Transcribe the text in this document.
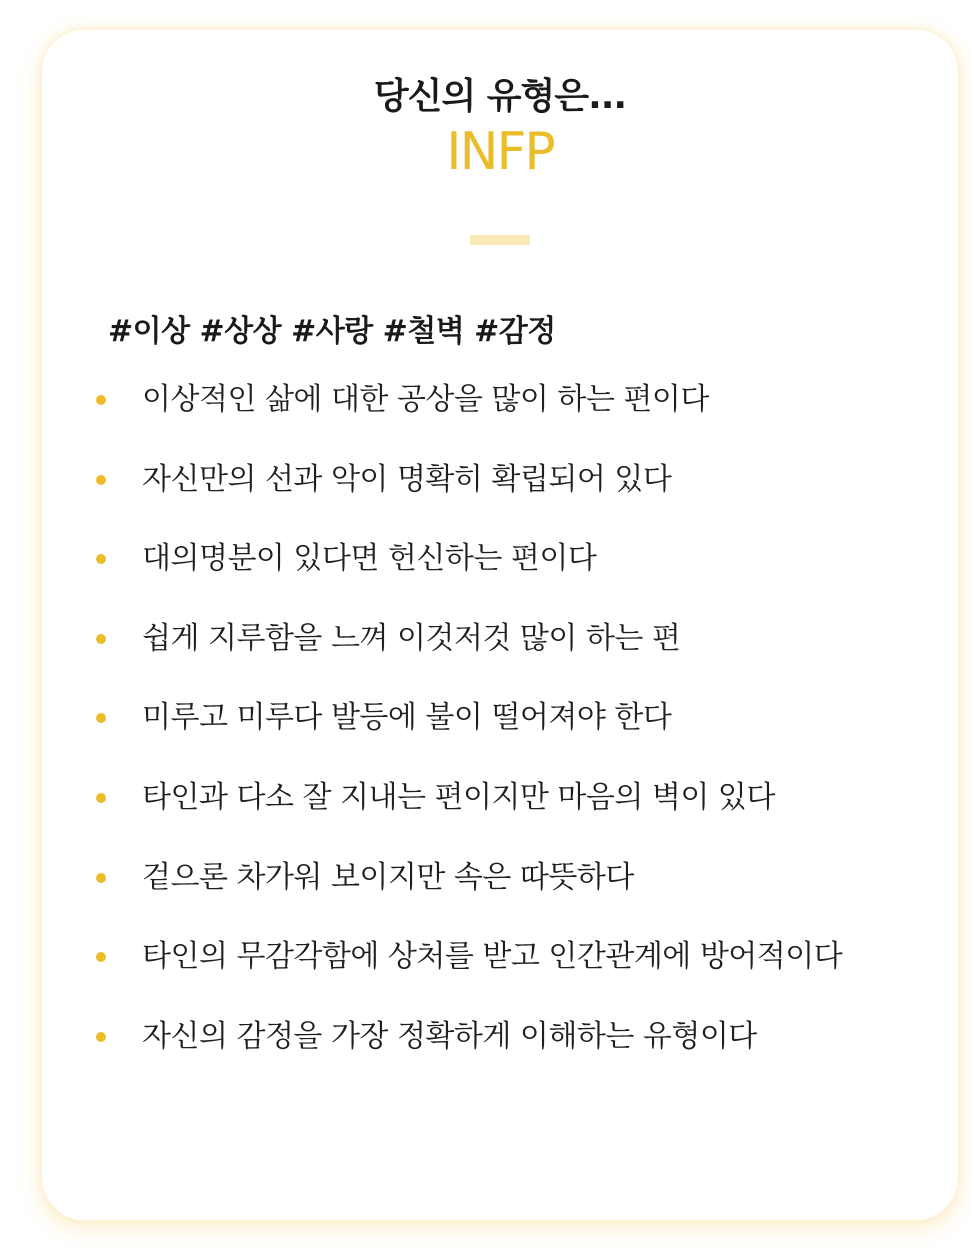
당신의 유형은...
INFP
#이상 #상상 #사랑 #철벽 #감정
이상적인 삶에 대한 공상을 많이 하는 편이다
자신만의 선과 악이 명확히 확립되어 있다
대의명분이 있다면 헌신하는 편이다
쉽게 지루함을 느껴 이것저것 많이 하는 편
미루고 미루다 발등에 불이 떨어져야 한다
타인과 다소 잘 지내는 편이지만 마음의 벽이 있다
겉으론 차가워 보이지만 속은 따뜻하다
타인의 무감각함에 상처를 받고 인간관계에 방어적이다
자신의 감정을 가장 정확하게 이해하는 유형이다
